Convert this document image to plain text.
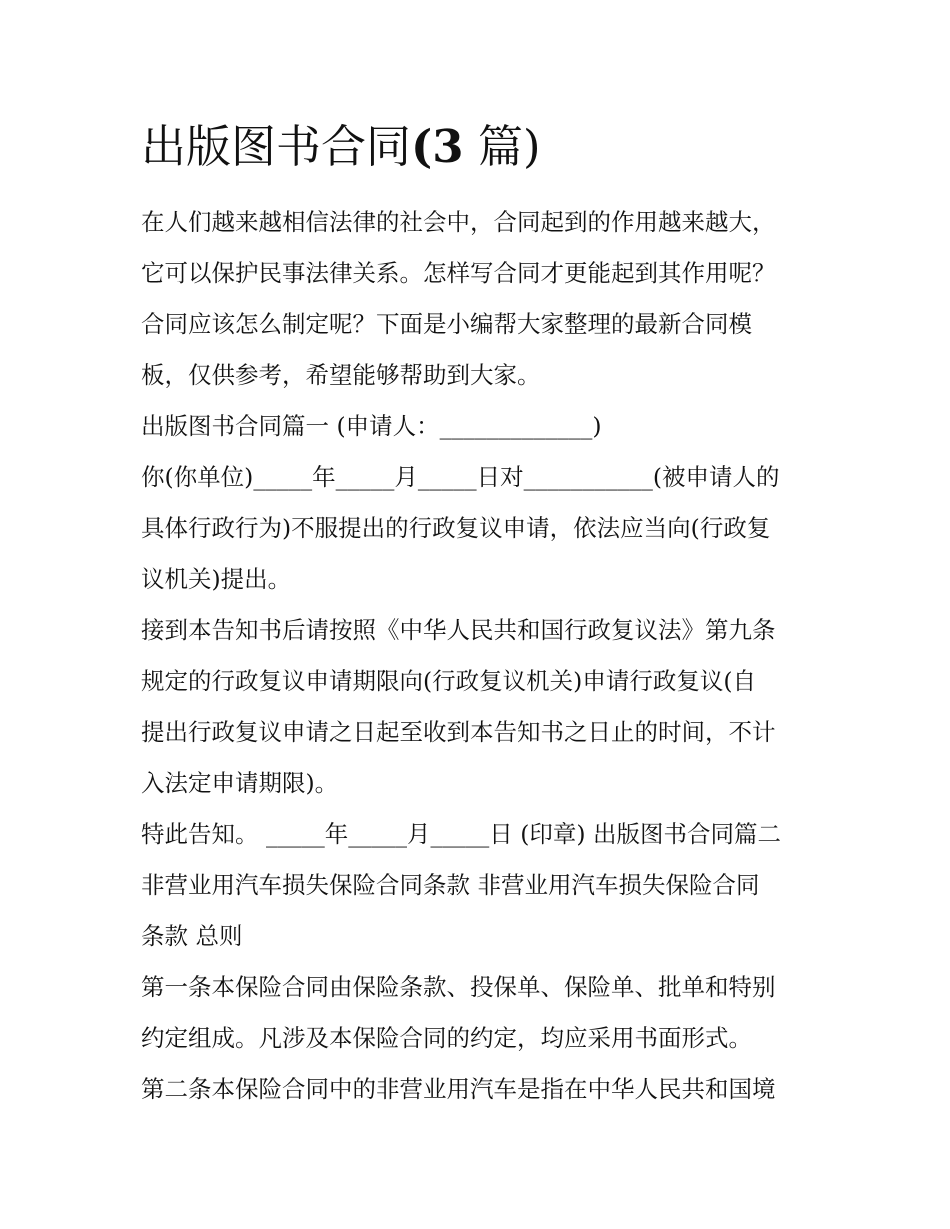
出版图书合同(3 篇)

在人们越来越相信法律的社会中，合同起到的作用越来越大，

它可以保护民事法律关系。怎样写合同才更能起到其作用呢？

合同应该怎么制定呢？下面是小编帮大家整理的最新合同模

板，仅供参考，希望能够帮助到大家。

出版图书合同篇一 (申请人：_____________)

你(你单位)_____年_____月_____日对___________(被申请人的

具体行政行为)不服提出的行政复议申请，依法应当向(行政复

议机关)提出。

接到本告知书后请按照《中华人民共和国行政复议法》第九条

规定的行政复议申请期限向(行政复议机关)申请行政复议(自

提出行政复议申请之日起至收到本告知书之日止的时间，不计

入法定申请期限)。

特此告知。 _____年_____月_____日 (印章) 出版图书合同篇二

非营业用汽车损失保险合同条款 非营业用汽车损失保险合同

条款 总则

第一条本保险合同由保险条款、投保单、保险单、批单和特别

约定组成。凡涉及本保险合同的约定，均应采用书面形式。

第二条本保险合同中的非营业用汽车是指在中华人民共和国境
